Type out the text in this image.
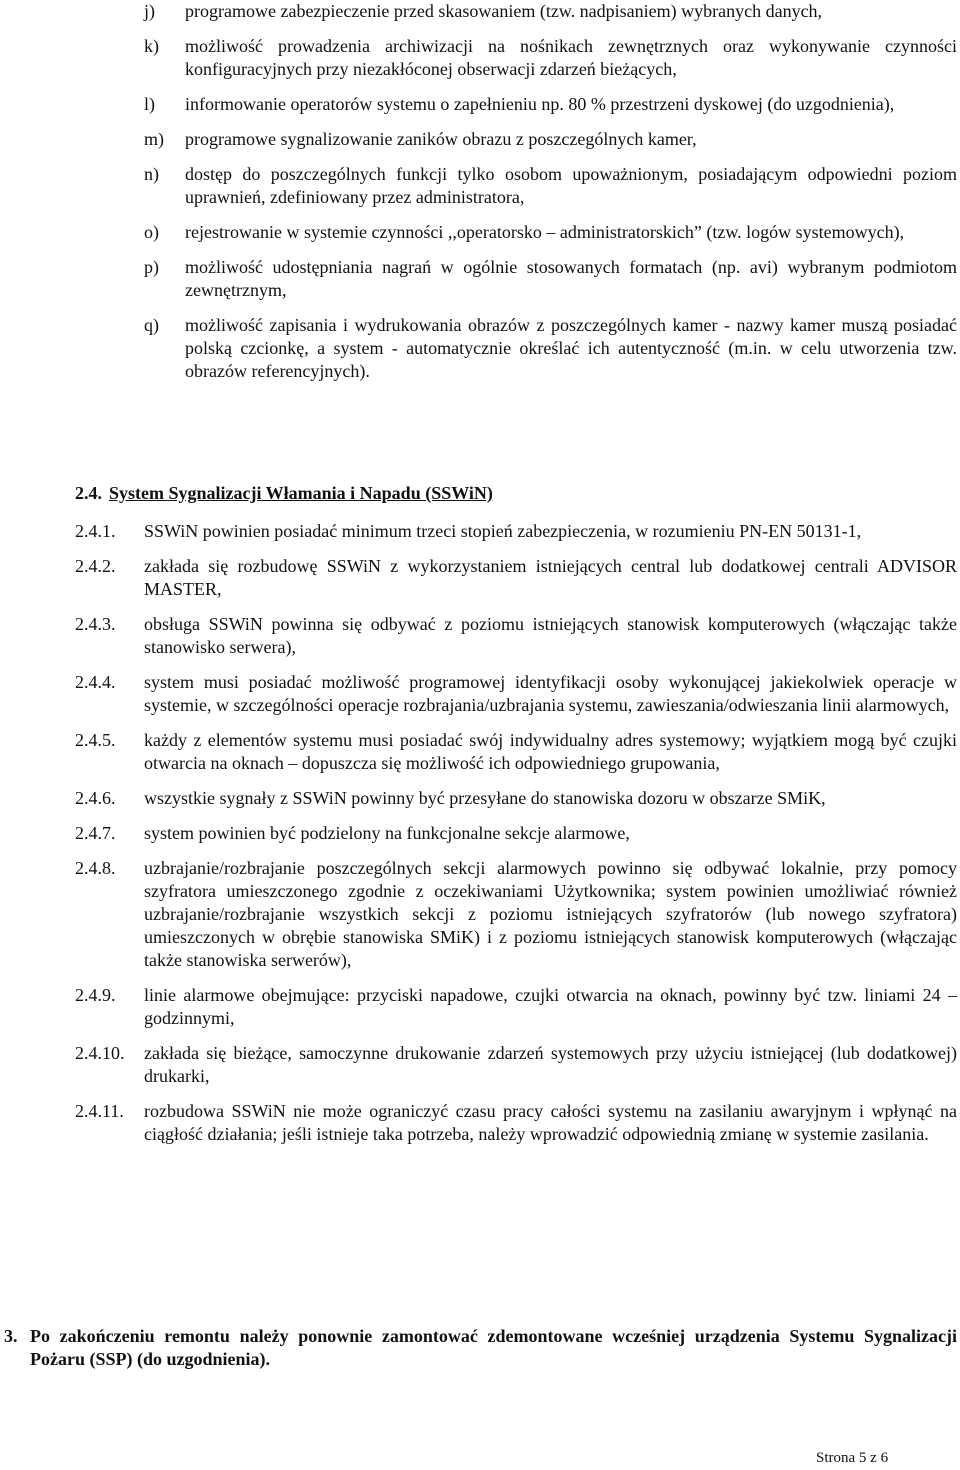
j) programowe zabezpieczenie przed skasowaniem (tzw. nadpisaniem) wybranych danych,
k) możliwość prowadzenia archiwizacji na nośnikach zewnętrznych oraz wykonywanie czynności konfiguracyjnych przy niezakłóconej obserwacji zdarzeń bieżących,
l) informowanie operatorów systemu o zapełnieniu np. 80 % przestrzeni dyskowej (do uzgodnienia),
m) programowe sygnalizowanie zaników obrazu z poszczególnych kamer,
n) dostęp do poszczególnych funkcji tylko osobom upoważnionym, posiadającym odpowiedni poziom uprawnień, zdefiniowany przez administratora,
o) rejestrowanie w systemie czynności ,,operatorsko – administratorskich” (tzw. logów systemowych),
p) możliwość udostępniania nagrań w ogólnie stosowanych formatach (np. avi) wybranym podmiotom zewnętrznym,
q) możliwość zapisania i wydrukowania obrazów z poszczególnych kamer - nazwy kamer muszą posiadać polską czcionkę, a system - automatycznie określać ich autentyczność (m.in. w celu utworzenia tzw. obrazów referencyjnych).
2.4. System Sygnalizacji Włamania i Napadu (SSWiN)
2.4.1. SSWiN powinien posiadać minimum trzeci stopień zabezpieczenia, w rozumieniu PN-EN 50131-1,
2.4.2. zakłada się rozbudowę SSWiN z wykorzystaniem istniejących central lub dodatkowej centrali ADVISOR MASTER,
2.4.3. obsługa SSWiN powinna się odbywać z poziomu istniejących stanowisk komputerowych (włączając także stanowisko serwera),
2.4.4. system musi posiadać możliwość programowej identyfikacji osoby wykonującej jakiekolwiek operacje w systemie, w szczególności operacje rozbrajania/uzbrajania systemu, zawieszania/odwieszania linii alarmowych,
2.4.5. każdy z elementów systemu musi posiadać swój indywidualny adres systemowy; wyjątkiem mogą być czujki otwarcia na oknach – dopuszcza się możliwość ich odpowiedniego grupowania,
2.4.6. wszystkie sygnały z SSWiN powinny być przesyłane do stanowiska dozoru w obszarze SMiK,
2.4.7. system powinien być podzielony na funkcjonalne sekcje alarmowe,
2.4.8. uzbrajanie/rozbrajanie poszczególnych sekcji alarmowych powinno się odbywać lokalnie, przy pomocy szyfratora umieszczonego zgodnie z oczekiwaniami Użytkownika; system powinien umożliwiać również uzbrajanie/rozbrajanie wszystkich sekcji z poziomu istniejących szyfratorów (lub nowego szyfratora) umieszczonych w obrębie stanowiska SMiK) i z poziomu istniejących stanowisk komputerowych (włączając także stanowiska serwerów),
2.4.9. linie alarmowe obejmujące: przyciski napadowe, czujki otwarcia na oknach, powinny być tzw. liniami 24 – godzinnymi,
2.4.10. zakłada się bieżące, samoczynne drukowanie zdarzeń systemowych przy użyciu istniejącej (lub dodatkowej) drukarki,
2.4.11. rozbudowa SSWiN nie może ograniczyć czasu pracy całości systemu na zasilaniu awaryjnym i wpłynąć na ciągłość działania; jeśli istnieje taka potrzeba, należy wprowadzić odpowiednią zmianę w systemie zasilania.
3. Po zakończeniu remontu należy ponownie zamontować zdemontowane wcześniej urządzenia Systemu Sygnalizacji Pożaru (SSP) (do uzgodnienia).
Strona 5 z 6
